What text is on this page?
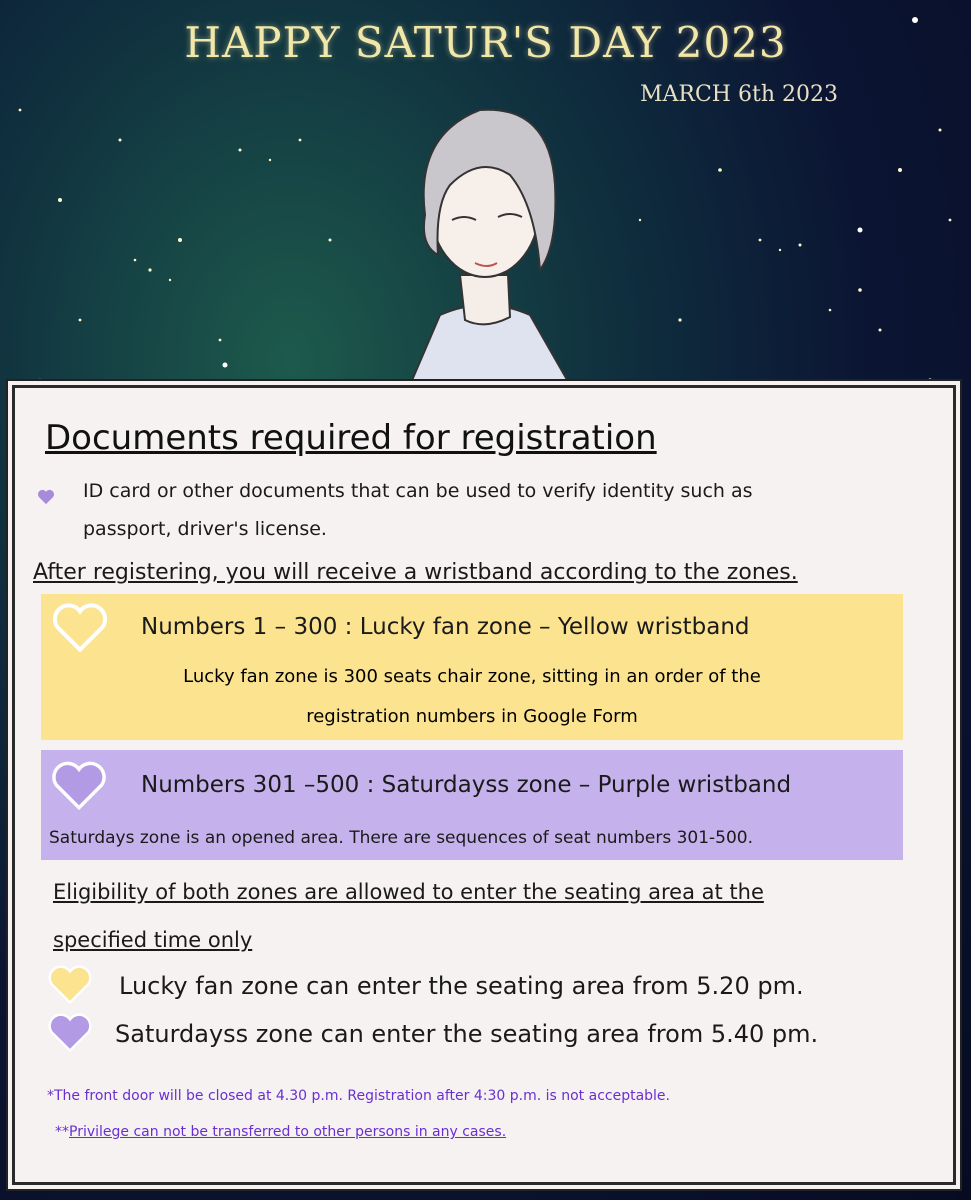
HAPPY SATUR'S DAY 2023
MARCH 6th 2023
Documents required for registration
ID card or other documents that can be used to verify identity such as
passport, driver's license.
After registering, you will receive a wristband according to the zones.
Numbers 1 – 300 : Lucky fan zone – Yellow wristband
Lucky fan zone is 300 seats chair zone, sitting in an order of the
registration numbers in Google Form
Numbers 301 –500 : Saturdayss zone – Purple wristband
Saturdays zone is an opened area. There are sequences of seat numbers 301-500.
Eligibility of both zones are allowed to enter the seating area at the
specified time only
Lucky fan zone can enter the seating area from 5.20 pm.
Saturdayss zone can enter the seating area from 5.40 pm.
*The front door will be closed at 4.30 p.m. Registration after 4:30 p.m. is not acceptable.
**Privilege can not be transferred to other persons in any cases.
